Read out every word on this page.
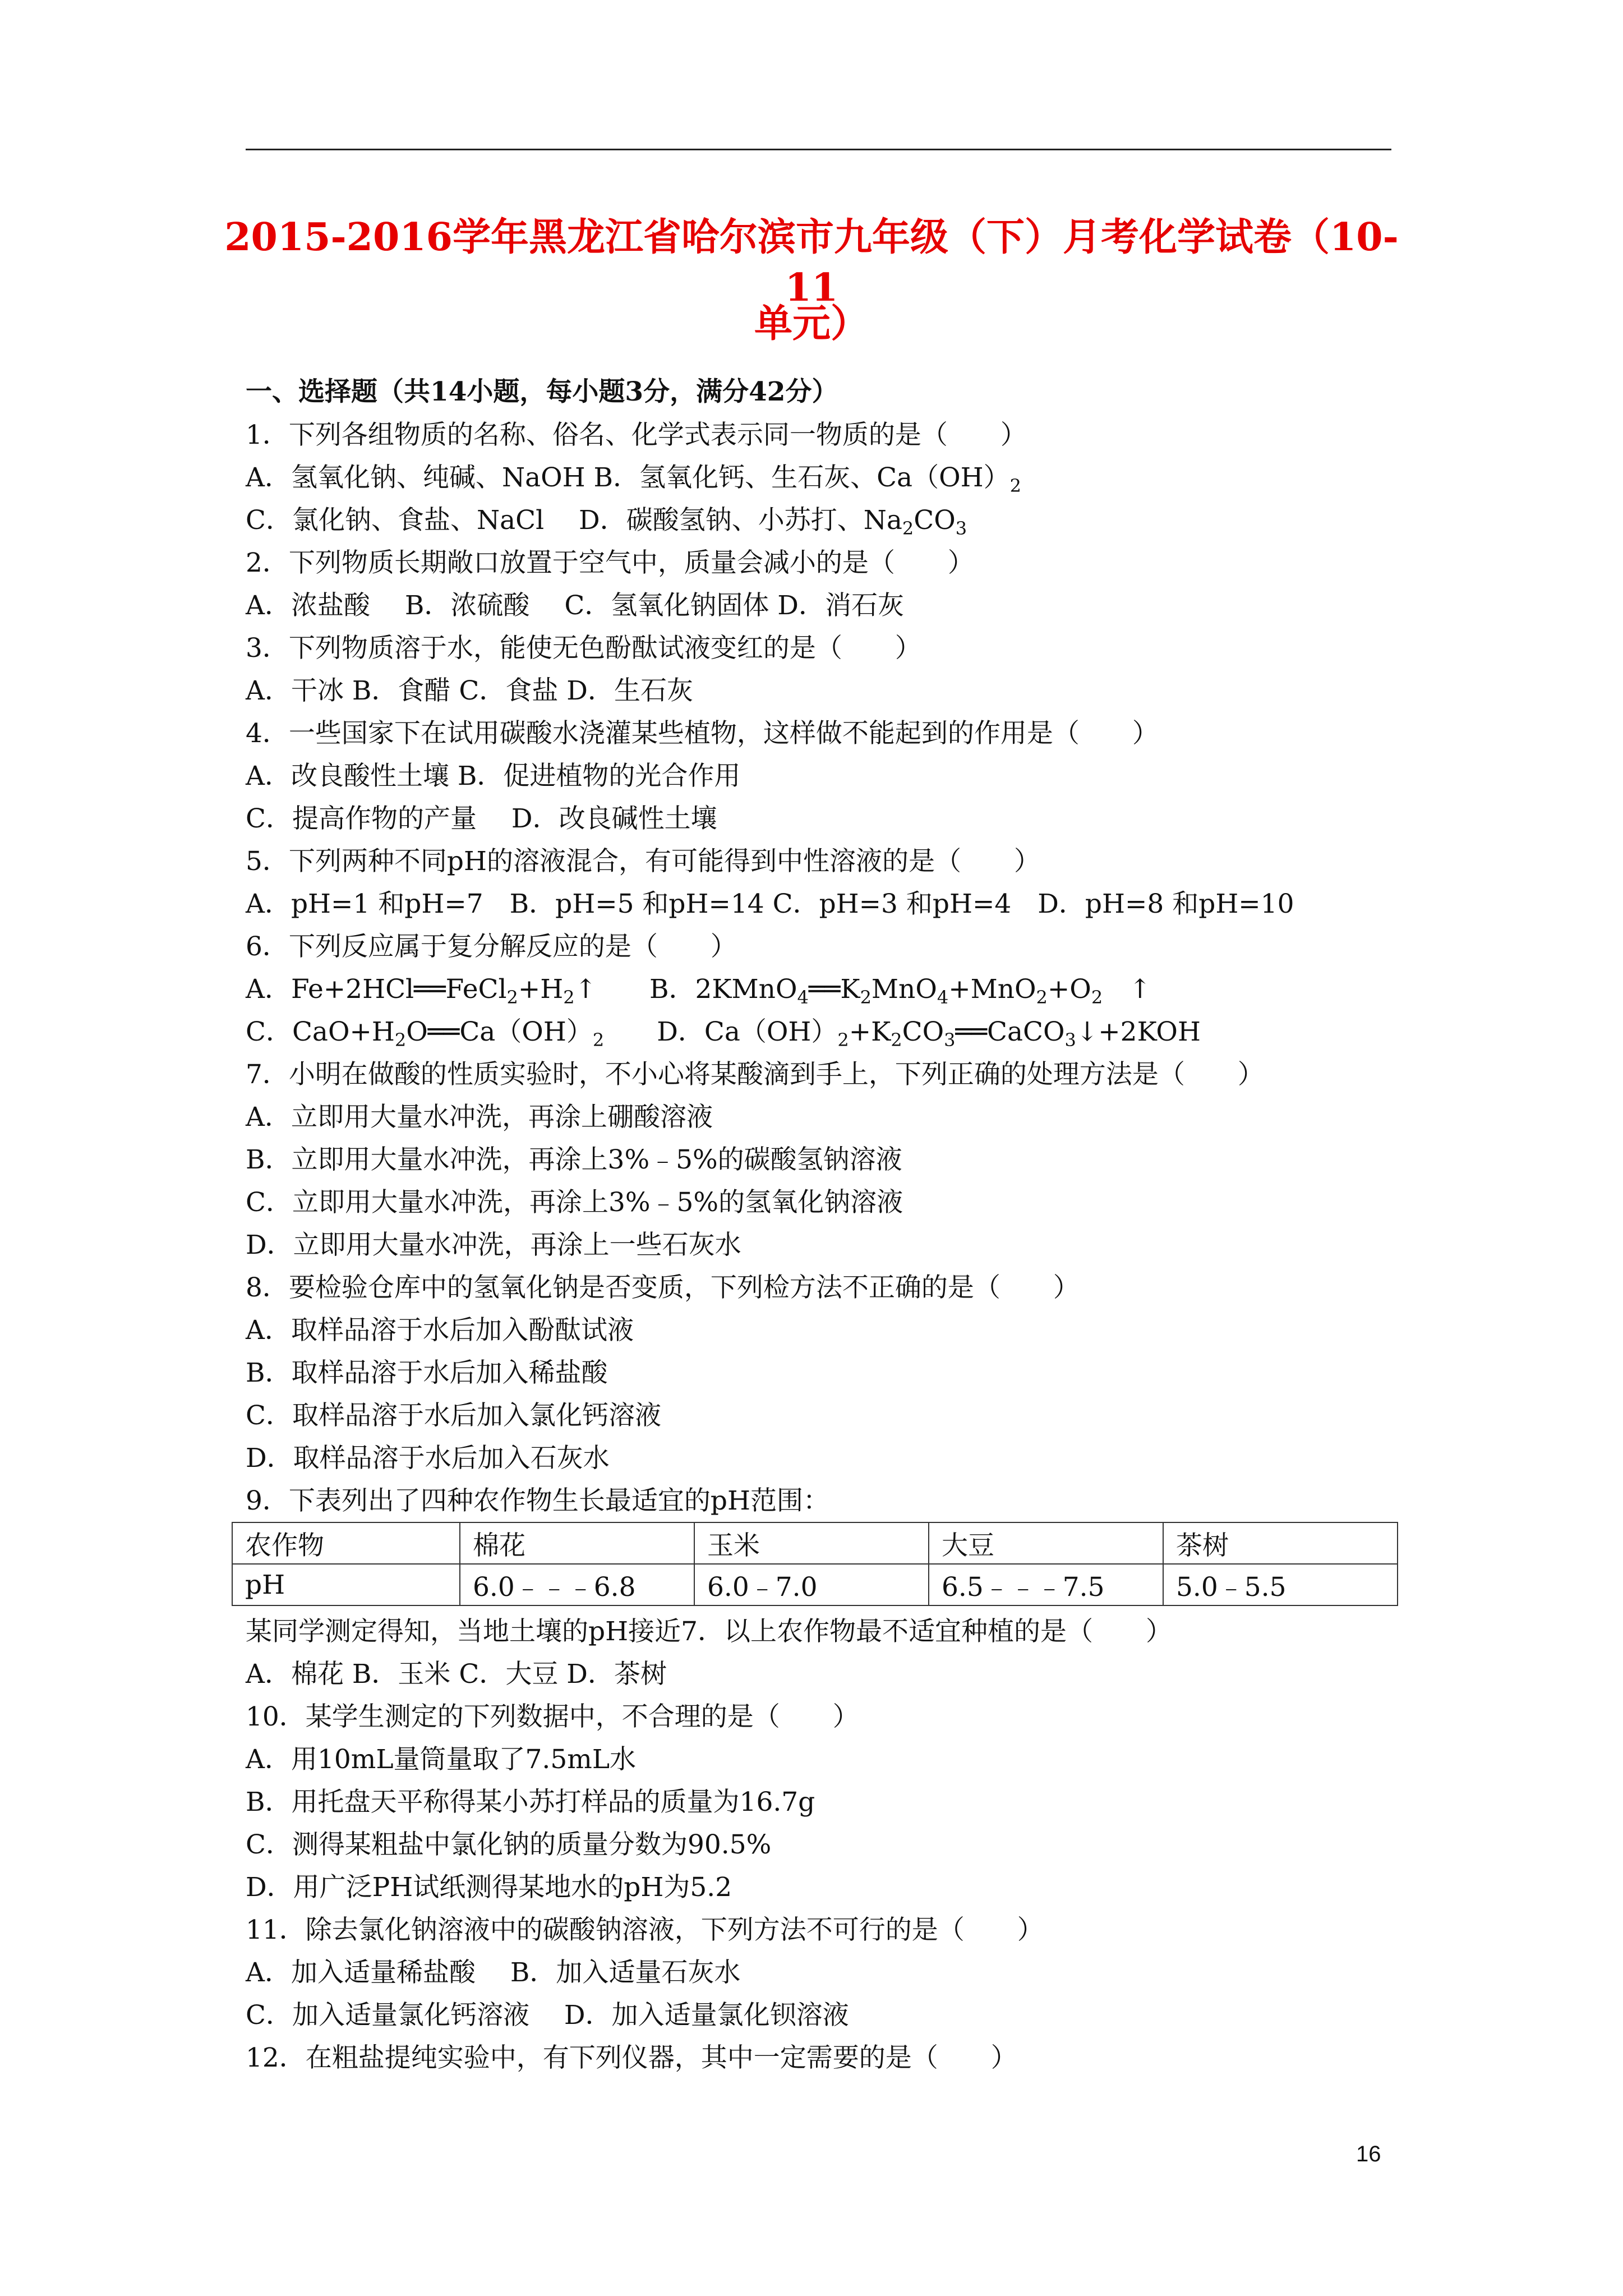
2015-2016学年黑龙江省哈尔滨市九年级（下）月考化学试卷（10-11
单元）
一、选择题（共14小题，每小题3分，满分42分）
1．下列各组物质的名称、俗名、化学式表示同一物质的是（　　）
A．氢氧化钠、纯碱、NaOH B．氢氧化钙、生石灰、$Ca(OH)_2$
C．氯化钠、食盐、NaCl　 D．碳酸氢钠、小苏打、$Na_2CO_3$
2．下列物质长期敞口放置于空气中，质量会减小的是（　　）
A．浓盐酸　 B．浓硫酸　 C．氢氧化钠固体 D．消石灰
3．下列物质溶于水，能使无色酚酞试液变红的是（　　）
A．干冰 B．食醋 C．食盐 D．生石灰
4．一些国家下在试用碳酸水浇灌某些植物，这样做不能起到的作用是（　　）
A．改良酸性土壤 B．促进植物的光合作用
C．提高作物的产量　 D．改良碱性土壤
5．下列两种不同pH的溶液混合，有可能得到中性溶液的是（　　）
A．pH=1 和pH=7　B．pH=5 和pH=14 C．pH=3 和pH=4　D．pH=8 和pH=10
6．下列反应属于复分解反应的是（　　）
A．$Fe+2HCl══FeCl_2+H_2↑$　　B．$2KMnO_4══K_2MnO_4+MnO_2+O_2$　↑
C．$CaO+H_2O══Ca(OH)_2$　　D．$Ca(OH)_2+K_2CO_3══CaCO_3↓+2KOH$
7．小明在做酸的性质实验时，不小心将某酸滴到手上，下列正确的处理方法是（　　）
A．立即用大量水冲洗，再涂上硼酸溶液
B．立即用大量水冲洗，再涂上3%﹣5%的碳酸氢钠溶液
C．立即用大量水冲洗，再涂上3%﹣5%的氢氧化钠溶液
D．立即用大量水冲洗，再涂上一些石灰水
8．要检验仓库中的氢氧化钠是否变质，下列检方法不正确的是（　　）
A．取样品溶于水后加入酚酞试液
B．取样品溶于水后加入稀盐酸
C．取样品溶于水后加入氯化钙溶液
D．取样品溶于水后加入石灰水
9．下表列出了四种农作物生长最适宜的pH范围：
农作物	棉花	玉米	大豆	茶树
pH	6.0﹣﹣﹣6.8	6.0﹣7.0	6.5﹣﹣﹣7.5	5.0﹣5.5
某同学测定得知，当地土壤的pH接近7．以上农作物最不适宜种植的是（　　）
A．棉花 B．玉米 C．大豆 D．茶树
10．某学生测定的下列数据中，不合理的是（　　）
A．用10mL量筒量取了7.5mL水
B．用托盘天平称得某小苏打样品的质量为16.7g
C．测得某粗盐中氯化钠的质量分数为90.5%
D．用广泛PH试纸测得某地水的pH为5.2
11．除去氯化钠溶液中的碳酸钠溶液，下列方法不可行的是（　　）
A．加入适量稀盐酸　 B．加入适量石灰水
C．加入适量氯化钙溶液　 D．加入适量氯化钡溶液
12．在粗盐提纯实验中，有下列仪器，其中一定需要的是（　　）
16
